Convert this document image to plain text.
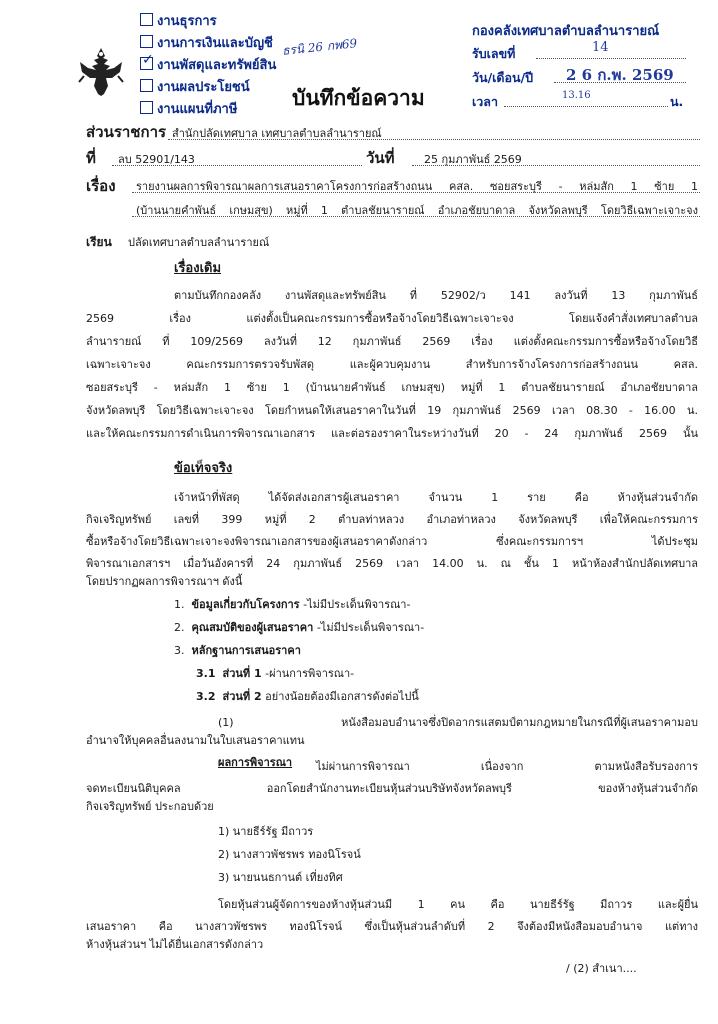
งานธุรการ
งานการเงินและบัญชี
✓ งานพัสดุและทรัพย์สิน
งานผลประโยชน์
งานแผนที่ภาษี
ธรนิ 26 กพ69
กองคลังเทศบาลตำบลลำนารายณ์
รับเลขที่	14
วัน/เดือน/ปี 2 6 ก.พ. 2569
เวลา	13.16	น.
บันทึกข้อความ
ส่วนราชการ สำนักปลัดเทศบาล เทศบาลตำบลลำนารายณ์
ที่ ลบ 52901/143	วันที่	25 กุมภาพันธ์ 2569
เรื่อง รายงานผลการพิจารณาผลการเสนอราคาโครงการก่อสร้างถนน คสล. ซอยสระบุรี - หล่มสัก 1 ซ้าย 1
(บ้านนายคำพันธ์ เกษมสุข) หมู่ที่ 1 ตำบลชัยนารายณ์ อำเภอชัยบาดาล จังหวัดลพบุรี โดยวิธีเฉพาะเจาะจง
เรียน ปลัดเทศบาลตำบลลำนารายณ์
เรื่องเดิม
ตามบันทึกกองคลัง งานพัสดุและทรัพย์สิน ที่ 52902/ว 141 ลงวันที่ 13 กุมภาพันธ์
2569 เรื่อง แต่งตั้งเป็นคณะกรรมการซื้อหรือจ้างโดยวิธีเฉพาะเจาะจง โดยแจ้งคำสั่งเทศบาลตำบล
ลำนารายณ์ ที่ 109/2569 ลงวันที่ 12 กุมภาพันธ์ 2569 เรื่อง แต่งตั้งคณะกรรมการซื้อหรือจ้างโดยวิธี
เฉพาะเจาะจง คณะกรรมการตรวจรับพัสดุ และผู้ควบคุมงาน สำหรับการจ้างโครงการก่อสร้างถนน คสล.
ซอยสระบุรี - หล่มสัก 1 ซ้าย 1 (บ้านนายคำพันธ์ เกษมสุข) หมู่ที่ 1 ตำบลชัยนารายณ์ อำเภอชัยบาดาล
จังหวัดลพบุรี โดยวิธีเฉพาะเจาะจง โดยกำหนดให้เสนอราคาในวันที่ 19 กุมภาพันธ์ 2569 เวลา 08.30 - 16.00 น.
และให้คณะกรรมการดำเนินการพิจารณาเอกสาร และต่อรองราคาในระหว่างวันที่ 20 - 24 กุมภาพันธ์ 2569 นั้น
ข้อเท็จจริง
เจ้าหน้าที่พัสดุ ได้จัดส่งเอกสารผู้เสนอราคา จำนวน 1 ราย คือ ห้างหุ้นส่วนจำกัด
กิจเจริญทรัพย์ เลขที่ 399 หมู่ที่ 2 ตำบลท่าหลวง อำเภอท่าหลวง จังหวัดลพบุรี เพื่อให้คณะกรรมการ
ซื้อหรือจ้างโดยวิธีเฉพาะเจาะจงพิจารณาเอกสารของผู้เสนอราคาดังกล่าว ซึ่งคณะกรรมการฯ ได้ประชุม
พิจารณาเอกสารฯ เมื่อวันอังคารที่ 24 กุมภาพันธ์ 2569 เวลา 14.00 น. ณ ชั้น 1 หน้าห้องสำนักปลัดเทศบาล
โดยปรากฏผลการพิจารณาฯ ดังนี้
1. ข้อมูลเกี่ยวกับโครงการ -ไม่มีประเด็นพิจารณา-
2. คุณสมบัติของผู้เสนอราคา -ไม่มีประเด็นพิจารณา-
3. หลักฐานการเสนอราคา
3.1 ส่วนที่ 1 -ผ่านการพิจารณา-
3.2 ส่วนที่ 2 อย่างน้อยต้องมีเอกสารดังต่อไปนี้
(1) หนังสือมอบอำนาจซึ่งปิดอากรแสตมป์ตามกฎหมายในกรณีที่ผู้เสนอราคามอบ
อำนาจให้บุคคลอื่นลงนามในใบเสนอราคาแทน
ผลการพิจารณา ไม่ผ่านการพิจารณา เนื่องจาก ตามหนังสือรับรองการ
จดทะเบียนนิติบุคคล ออกโดยสำนักงานทะเบียนหุ้นส่วนบริษัทจังหวัดลพบุรี ของห้างหุ้นส่วนจำกัด
กิจเจริญทรัพย์ ประกอบด้วย
1) นายธีร์รัฐ มีถาวร
2) นางสาวพัชรพร ทองนิโรจน์
3) นายนนธกานต์ เที่ยงทิศ
โดยหุ้นส่วนผู้จัดการของห้างหุ้นส่วนมี 1 คน คือ นายธีร์รัฐ มีถาวร และผู้ยื่น
เสนอราคา คือ นางสาวพัชรพร ทองนิโรจน์ ซึ่งเป็นหุ้นส่วนลำดับที่ 2 จึงต้องมีหนังสือมอบอำนาจ แต่ทาง
ห้างหุ้นส่วนฯ ไม่ได้ยื่นเอกสารดังกล่าว
/ (2) สำเนา....
